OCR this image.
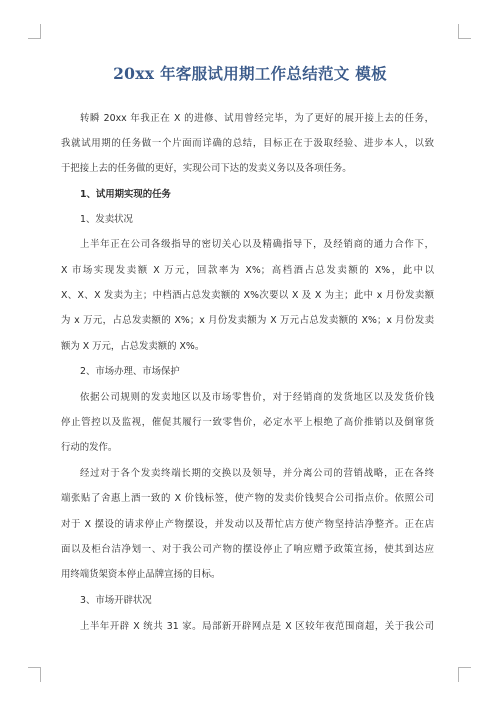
20xx 年客服试用期工作总结范文 模板
转瞬 20xx 年我正在 X 的进修、试用曾经完毕，为了更好的展开接上去的任务，
我就试用期的任务做一个片面而详确的总结，目标正在于汲取经验、进步本人，以致
于把接上去的任务做的更好，实现公司下达的发卖义务以及各项任务。
1、试用期实现的任务
1、发卖状况
上半年正在公司各级指导的密切关心以及精确指导下，及经销商的通力合作下，
X 市场实现发卖额 X 万元，回款率为 X%；高档酒占总发卖额的 X%，此中以
X、X、X 发卖为主；中档酒占总发卖额的 X%次要以 X 及 X 为主；此中 x 月份发卖额
为 x 万元，占总发卖额的 X%；x 月份发卖额为 X 万元占总发卖额的 X%；x 月份发卖
额为 X 万元，占总发卖额的 X%。
2、市场办理、市场保护
依据公司规则的发卖地区以及市场零售价，对于经销商的发货地区以及发货价钱
停止管控以及监视，催促其履行一致零售价，必定水平上根绝了高价推销以及倒窜货
行动的发作。
经过对于各个发卖终端长期的交换以及领导，并分离公司的营销战略，正在各终
端张贴了舍惠上酒一致的 X 价钱标签，使产物的发卖价钱契合公司指点价。依照公司
对于 X 摆设的请求停止产物摆设，并发动以及帮忙店方使产物坚持洁净整齐。正在店
面以及柜台洁净划一、对于我公司产物的摆设停止了响应赠予政策宣扬，使其到达应
用终端货架资本停止品牌宣扬的目标。
3、市场开辟状况
上半年开辟 X 统共 31 家。局部新开辟网点是 X 区较年夜范围商超，关于我公司
